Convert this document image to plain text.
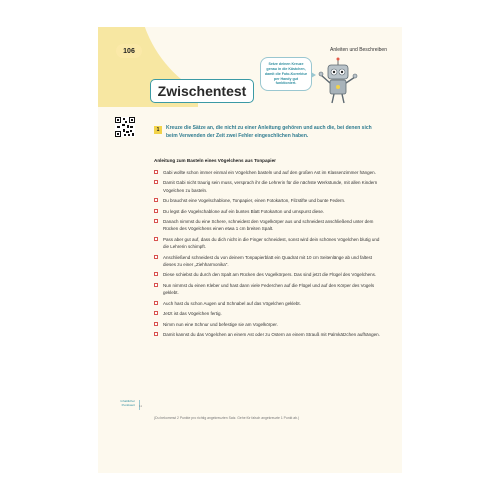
106
Zwischentest
Anleiten und Beschreiben
Setze deinen Kreuze genau in die Kästchen, damit die Foto-Korrektur per Handy gut funktioniert.
1	Kreuze die Sätze an, die nicht zu einer Anleitung gehören und auch die, bei denen sich beim Verwenden der Zeit zwei Fehler eingeschlichen haben.
Anleitung zum Basteln eines Vögelchens aus Tonpapier
Gabi wollte schon immer einmal ein Vögelchen basteln und auf den großen Ast im Klassenzimmer hängen.
Damit Gabi nicht traurig sein muss, versprach ihr die Lehrerin für die nächste Werkstunde, mit allen Kindern Vögelchen zu basteln.
Du brauchst eine Vogelschablone, Tonpapier, einen Fotokarton, Filzstifte und bunte Federn.
Du legst die Vogelschablone auf ein buntes Blatt Fotokarton und umspurst diese.
Danach nimmst du eine Schere, schneidest den Vogelkörper aus und schneidest anschließend unter dem Rücken des Vögelchens einen etwa 1 cm breiten Spalt.
Pass aber gut auf, dass du dich nicht in die Finger schneidest, sonst wird dein schönes Vögelchen blutig und die Lehrerin schimpft.
Anschließend schneidest du von deinem Tonpapierblatt ein Quadrat mit 10 cm Seitenlänge ab und faltest dieses zu einer „Ziehharmonika".
Diese schiebst du durch den Spalt am Rücken des Vogelkörpers. Das sind jetzt die Flügel des Vögelchens.
Nun nimmst du einen Kleber und hast dann viele Federchen auf die Flügel und auf den Körper des Vogels geklebt.
Auch hast du schon Augen und Schnabel auf das Vögelchen geklebt.
Jetzt ist das Vögelchen fertig.
Nimm nun eine Schnur und befestige sie am Vogelkörper.
Damit kannst du das Vögelchen an einem Ast oder zu Ostern an einem Strauß mit Palmkätzchen aufhängen.
Inhaltlicher Punktwert 11
(Du bekommst 2 Punkte pro richtig angekreuzten Satz. Gehe für falsch angekreuzte 1 Punkt ab.)
